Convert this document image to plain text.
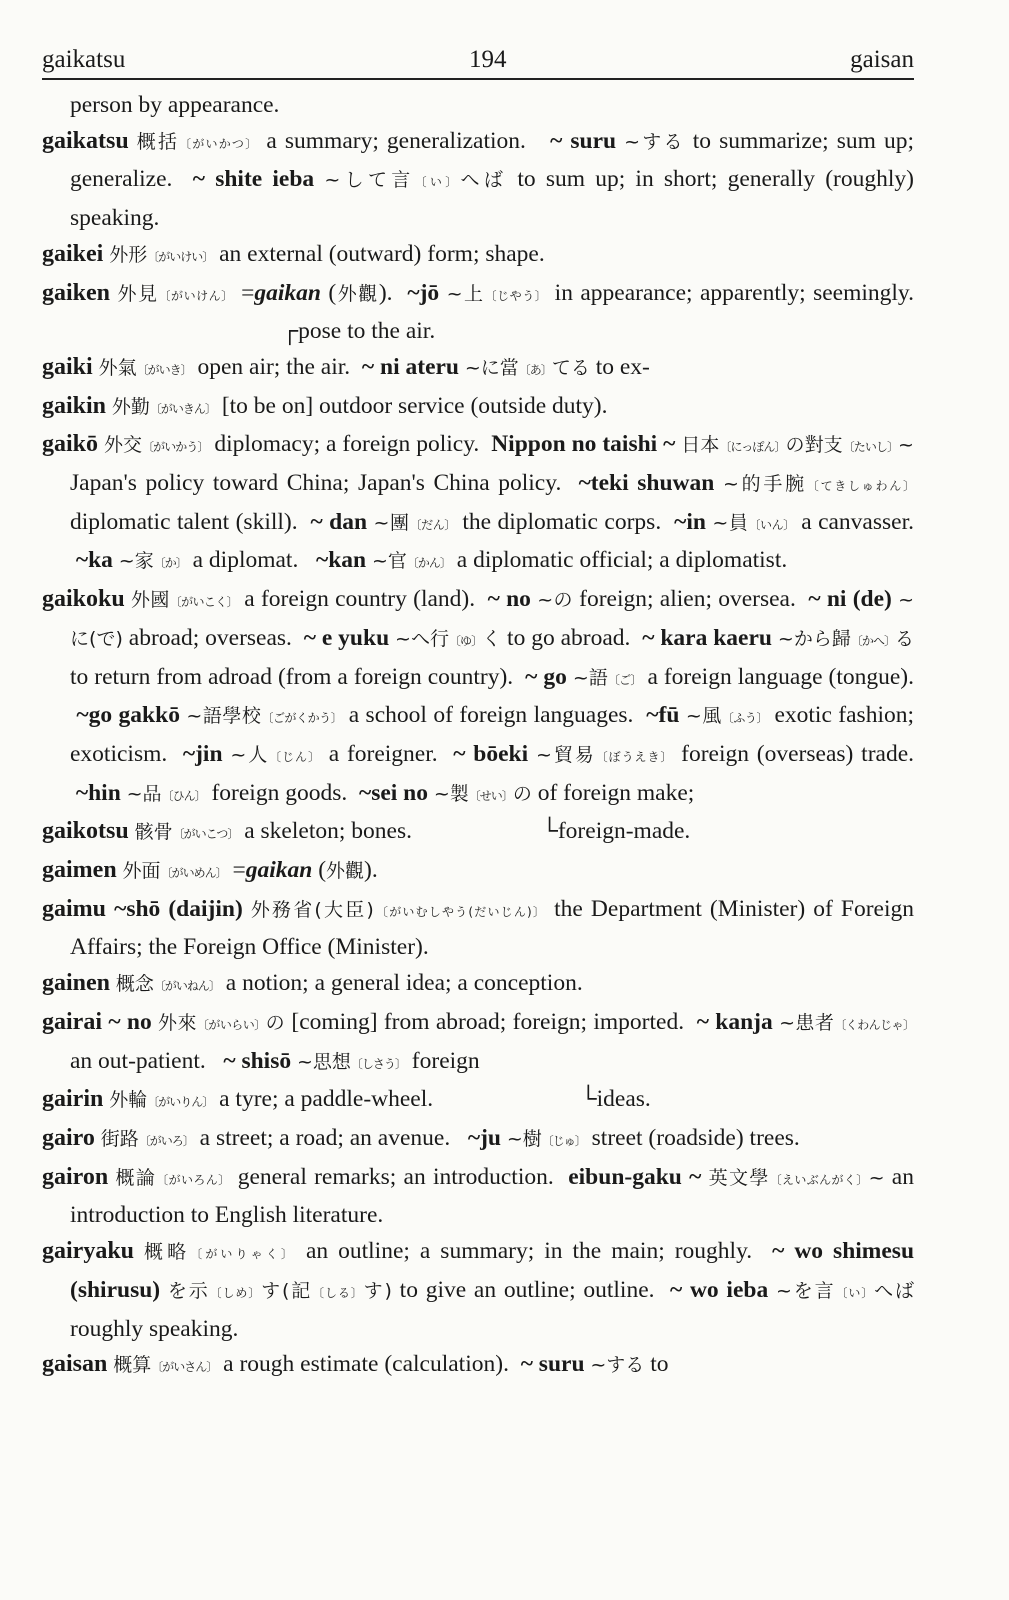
gaikatsu	194	gaisan
person by appearance.
gaikatsu 概括〔がいかつ〕 a summary; generalization.   ~ suru ~する to summarize; sum up; generalize.  ~ shite ieba ~して言〔い〕へば to sum up; in short; generally (roughly) speaking.
gaikei 外形〔がいけい〕 an external (outward) form; shape.
gaiken 外見〔がいけん〕 =gaikan (外觀).  ~jō ~上〔じやう〕 in appearance; apparently; seemingly.                                     ┌pose to the air.
gaiki 外氣〔がいき〕 open air; the air.  ~ ni ateru ~に當〔あ〕てる to ex-
gaikin 外勤〔がいきん〕 [to be on] outdoor service (outside duty).
gaikō 外交〔がいかう〕 diplomacy; a foreign policy.  Nippon no taishi ~ 日本〔にっぽん〕の對支〔たいし〕~ Japan's policy toward China; Japan's China policy.  ~teki shuwan ~的手腕〔てきしゅわん〕 diplomatic talent (skill).  ~ dan ~團〔だん〕 the diplomatic corps.  ~in ~員〔いん〕 a canvasser.  ~ka ~家〔か〕 a diplomat.   ~kan ~官〔かん〕 a diplomatic official; a diplomatist.
gaikoku 外國〔がいこく〕 a foreign country (land).  ~ no ~の foreign; alien; oversea.  ~ ni (de) ~に(で) abroad; overseas.  ~ e yuku ~へ行〔ゆ〕く to go abroad.  ~ kara kaeru ~から歸〔かへ〕る to return from adroad (from a foreign country).  ~ go ~語〔ご〕 a foreign language (tongue).  ~go gakkō ~語學校〔ごがくかう〕 a school of foreign languages.  ~fū ~風〔ふう〕 exotic fashion; exoticism.  ~jin ~人〔じん〕 a foreigner.  ~ bōeki ~貿易〔ぼうえき〕 foreign (overseas) trade.  ~hin ~品〔ひん〕 foreign goods.  ~sei no ~製〔せい〕の of foreign make;
gaikotsu 骸骨〔がいこつ〕 a skeleton; bones.                      └foreign-made.
gaimen 外面〔がいめん〕 =gaikan (外觀).
gaimu ~shō (daijin) 外務省(大臣)〔がいむしやう(だいじん)〕 the Department (Minister) of Foreign Affairs; the Foreign Office (Minister).
gainen 概念〔がいねん〕 a notion; a general idea; a conception.
gairai ~ no 外來〔がいらい〕の [coming] from abroad; foreign; imported.  ~ kanja ~患者〔くわんじゃ〕 an out-patient.   ~ shisō ~思想〔しさう〕 foreign
gairin 外輪〔がいりん〕 a tyre; a paddle-wheel.                         └ideas.
gairo 街路〔がいろ〕 a street; a road; an avenue.   ~ju ~樹〔じゅ〕 street (roadside) trees.
gairon 概論〔がいろん〕 general remarks; an introduction.  eibun-gaku ~ 英文學〔えいぶんがく〕~ an introduction to English literature.
gairyaku 概略〔がいりゃく〕 an outline; a summary; in the main; roughly.  ~ wo shimesu (shirusu) を示〔しめ〕す(記〔しる〕す) to give an outline; outline.  ~ wo ieba ~を言〔い〕へば roughly speaking.
gaisan 概算〔がいさん〕 a rough estimate (calculation).  ~ suru ~する to
